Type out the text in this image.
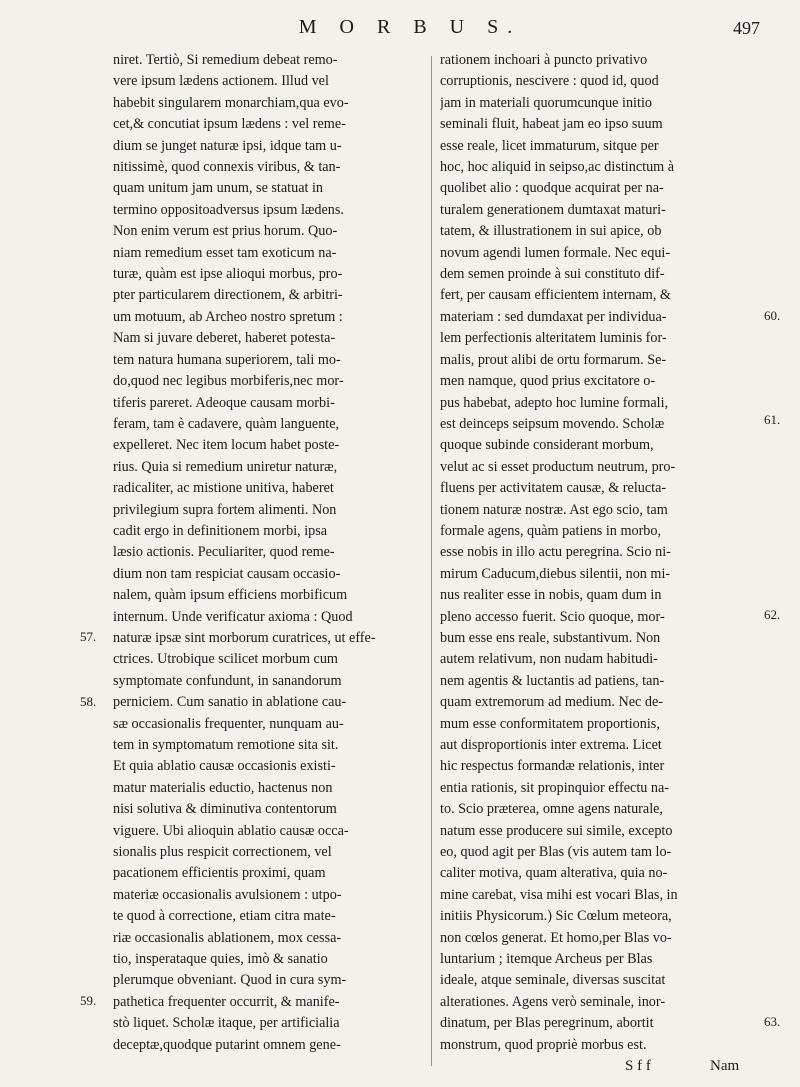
M O R B U S.	497
niret. Tertiò, Si remedium debeat remo-
vere ipsum lædens actionem. Illud vel
habebit singularem monarchiam,qua evo-
cet,& concutiat ipsum lædens : vel reme-
dium se junget naturæ ipsi, idque tam u-
nitissimè, quod connexis viribus, & tan-
quam unitum jam unum, se statuat in
termino oppositoadversus ipsum lædens.
Non enim verum est prius horum. Quo-
niam remedium esset tam exoticum na-
turæ, quàm est ipse alioqui morbus, pro-
pter particularem directionem, & arbitri-
um motuum, ab Archeo nostro spretum :
Nam si juvare deberet, haberet potesta-
tem natura humana superiorem, tali mo-
do,quod nec legibus morbiferis,nec mor-
tiferis pareret. Adeoque causam morbi-
feram, tam è cadavere, quàm languente,
expelleret. Nec item locum habet poste-
rius. Quia si remedium uniretur naturæ,
radicaliter, ac mistione unitiva, haberet
privilegium supra fortem alimenti. Non
cadit ergo in definitionem morbi, ipsa
læsio actionis. Peculiariter, quod reme-
dium non tam respiciat causam occasio-
nalem, quàm ipsum efficiens morbificum
internum. Unde verificatur axioma : Quod
naturæ ipsæ sint morborum curatrices, ut effe-
ctrices. Utrobique scilicet morbum cum
symptomate confundunt, in sanandorum
perniciem. Cum sanatio in ablatione cau-
sæ occasionalis frequenter, nunquam au-
tem in symptomatum remotione sita sit.
Et quia ablatio causæ occasionis existi-
matur materialis eductio, hactenus non
nisi solutiva & diminutiva contentorum
viguere. Ubi alioquin ablatio causæ occa-
sionalis plus respicit correctionem, vel
pacationem efficientis proximi, quam
materiæ occasionalis avulsionem : utpo-
te quod à correctione, etiam citra mate-
riæ occasionalis ablationem, mox cessa-
tio, insperataque quies, imò & sanatio
plerumque obveniant. Quod in cura sym-
pathetica frequenter occurrit, & manife-
stò liquet. Scholæ itaque, per artificialia
deceptæ,quodque putarint omnem gene-
rationem inchoari à puncto privativo
corruptionis, nescivere : quod id, quod
jam in materiali quorumcunque initio
seminali fluit, habeat jam eo ipso suum
esse reale, licet immaturum, sitque per
hoc, hoc aliquid in seipso,ac distinctum à
quolibet alio : quodque acquirat per na-
turalem generationem dumtaxat maturi-
tatem, & illustrationem in sui apice, ob
novum agendi lumen formale. Nec equi-
dem semen proinde à sui constituto dif-
fert, per causam efficientem internam, &
materiam : sed dumdaxat per individua-
lem perfectionis alteritatem luminis for-
malis, prout alibi de ortu formarum. Se-
men namque, quod prius excitatore o-
pus habebat, adepto hoc lumine formali,
est deinceps seipsum movendo. Scholæ
quoque subinde considerant morbum,
velut ac si esset productum neutrum, pro-
fluens per activitatem causæ, & relucta-
tionem naturæ nostræ. Ast ego scio, tam
formale agens, quàm patiens in morbo,
esse nobis in illo actu peregrina. Scio ni-
mirum Caducum,diebus silentii, non mi-
nus realiter esse in nobis, quam dum in
pleno accesso fuerit. Scio quoque, mor-
bum esse ens reale, substantivum. Non
autem relativum, non nudam habitudi-
nem agentis & luctantis ad patiens, tan-
quam extremorum ad medium. Nec de-
mum esse conformitatem proportionis,
aut disproportionis inter extrema. Licet
hic respectus formandæ relationis, inter
entia rationis, sit propinquior effectu na-
to. Scio præterea, omne agens naturale,
natum esse producere sui simile, excepto
eo, quod agit per Blas (vis autem tam lo-
caliter motiva, quam alterativa, quia no-
mine carebat, visa mihi est vocari Blas, in
initiis Physicorum.) Sic Cœlum meteora,
non cœlos generat. Et homo,per Blas vo-
luntarium ; itemque Archeus per Blas
ideale, atque seminale, diversas suscitat
alterationes. Agens verò seminale, inor-
dinatum, per Blas peregrinum, abortit
monstrum, quod propriè morbus est.
57.
58.
59.
60.
61.
62.
63.
S f f	Nam
